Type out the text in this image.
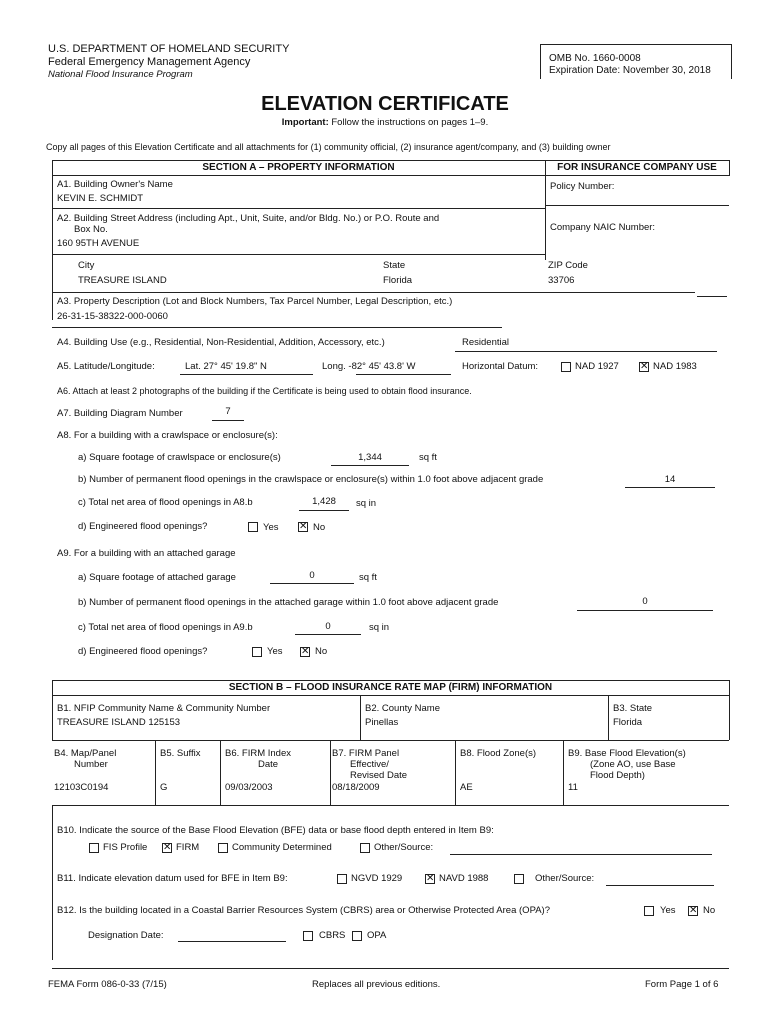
U.S. DEPARTMENT OF HOMELAND SECURITY
Federal Emergency Management Agency
National Flood Insurance Program
OMB No. 1660-0008
Expiration Date: November 30, 2018
ELEVATION CERTIFICATE
Important: Follow the instructions on pages 1–9.
Copy all pages of this Elevation Certificate and all attachments for (1) community official, (2) insurance agent/company, and (3) building owner
SECTION A – PROPERTY INFORMATION	FOR INSURANCE COMPANY USE
A1. Building Owner's Name
KEVIN E. SCHMIDT
Policy Number:
A2. Building Street Address (including Apt., Unit, Suite, and/or Bldg. No.) or P.O. Route and
Box No.
160 95TH AVENUE
Company NAIC Number:
City
TREASURE ISLAND
State
Florida
ZIP Code
33706
A3. Property Description (Lot and Block Numbers, Tax Parcel Number, Legal Description, etc.)
26-31-15-38322-000-0060
A4. Building Use (e.g., Residential, Non-Residential, Addition, Accessory, etc.)	Residential
A5. Latitude/Longitude:	Lat. 27° 45' 19.8" N	Long. -82° 45' 43.8' W	Horizontal Datum:	NAD 1927 ✕ NAD 1983
A6. Attach at least 2 photographs of the building if the Certificate is being used to obtain flood insurance.
A7. Building Diagram Number	7
A8. For a building with a crawlspace or enclosure(s):
a) Square footage of crawlspace or enclosure(s)	1,344	sq ft
b) Number of permanent flood openings in the crawlspace or enclosure(s) within 1.0 foot above adjacent grade	14
c) Total net area of flood openings in A8.b	1,428	sq in
d) Engineered flood openings?	Yes ✕ No
A9. For a building with an attached garage
a) Square footage of attached garage	0	sq ft
b) Number of permanent flood openings in the attached garage within 1.0 foot above adjacent grade	0
c) Total net area of flood openings in A9.b	0	sq in
d) Engineered flood openings?	Yes ✕ No
SECTION B – FLOOD INSURANCE RATE MAP (FIRM) INFORMATION
B1. NFIP Community Name & Community Number
TREASURE ISLAND 125153
B2. County Name
Pinellas
B3. State
Florida
B4. Map/Panel
Number
12103C0194
B5. Suffix
G
B6. FIRM Index
Date
09/03/2003
B7. FIRM Panel
Effective/
Revised Date
08/18/2009
B8. Flood Zone(s)
AE
B9. Base Flood Elevation(s)
(Zone AO, use Base
Flood Depth)
11
B10. Indicate the source of the Base Flood Elevation (BFE) data or base flood depth entered in Item B9:
FIS Profile ✕ FIRM	Community Determined	Other/Source:
B11. Indicate elevation datum used for BFE in Item B9:	NGVD 1929 ✕ NAVD 1988	Other/Source:
B12. Is the building located in a Coastal Barrier Resources System (CBRS) area or Otherwise Protected Area (OPA)?	Yes ✕ No
Designation Date:	CBRS OPA
FEMA Form 086-0-33 (7/15)	Replaces all previous editions.	Form Page 1 of 6
